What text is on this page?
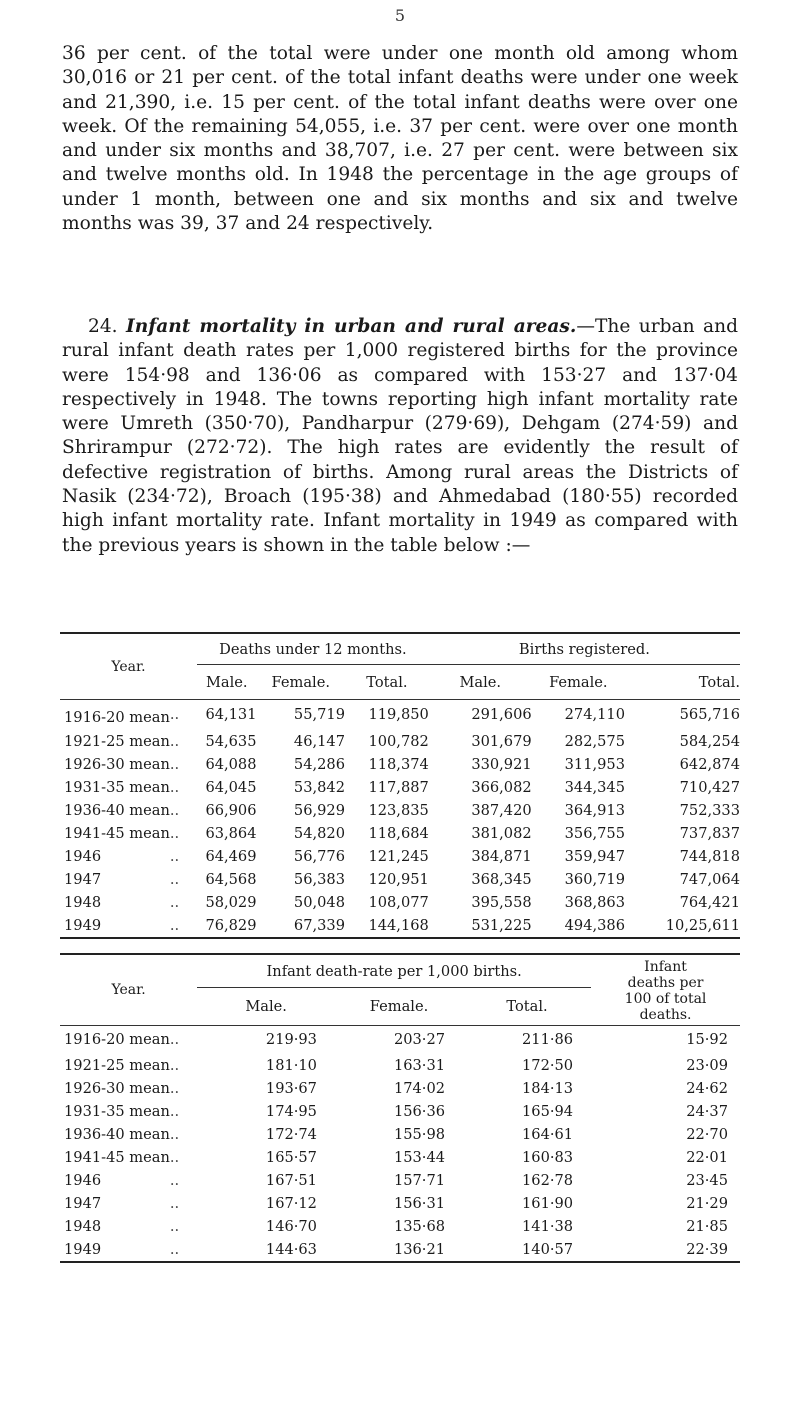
5

36 per cent. of the total were under one month old among whom 30,016 or 21 per cent. of the total infant deaths were under one week and 21,390, i.e. 15 per cent. of the total infant deaths were over one week. Of the remaining 54,055, i.e. 37 per cent. were over one month and under six months and 38,707, i.e. 27 per cent. were between six and twelve months old. In 1948 the percentage in the age groups of under 1 month, between one and six months and six and twelve months was 39, 37 and 24 respectively.

24. Infant mortality in urban and rural areas.—The urban and rural infant death rates per 1,000 registered births for the province were 154·98 and 136·06 as compared with 153·27 and 137·04 respectively in 1948. The towns reporting high infant mortality rate were Umreth (350·70), Pandharpur (279·69), Dehgam (274·59) and Shrirampur (272·72). The high rates are evidently the result of defective registration of births. Among rural areas the Districts of Nasik (234·72), Broach (195·38) and Ahmedabad (180·55) recorded high infant mortality rate. Infant mortality in 1949 as compared with the previous years is shown in the table below :—

Year.		Deaths under 12 months.			Births registered.		
		Male.	Female.	Total.	Male.	Female.	Total.
1916-20 mean	..	64,131	55,719	119,850	291,606	274,110	565,716
1921-25 mean	..	54,635	46,147	100,782	301,679	282,575	584,254
1926-30 mean	..	64,088	54,286	118,374	330,921	311,953	642,874
1931-35 mean	..	64,045	53,842	117,887	366,082	344,345	710,427
1936-40 mean	..	66,906	56,929	123,835	387,420	364,913	752,333
1941-45 mean	..	63,864	54,820	118,684	381,082	356,755	737,837
1946	..	64,469	56,776	121,245	384,871	359,947	744,818
1947	..	64,568	56,383	120,951	368,345	360,719	747,064
1948	..	58,029	50,048	108,077	395,558	368,863	764,421
1949	..	76,829	67,339	144,168	531,225	494,386	10,25,611
Year.		Infant death-rate per 1,000 births.			Infant
deaths per
100 of total
deaths.

		Male.	Female.	Total.	
1916-20 mean	..	219·93	203·27	211·86	15·92
1921-25 mean	..	181·10	163·31	172·50	23·09
1926-30 mean	..	193·67	174·02	184·13	24·62
1931-35 mean	..	174·95	156·36	165·94	24·37
1936-40 mean	..	172·74	155·98	164·61	22·70
1941-45 mean	..	165·57	153·44	160·83	22·01
1946	..	167·51	157·71	162·78	23·45
1947	..	167·12	156·31	161·90	21·29
1948	..	146·70	135·68	141·38	21·85
1949	..	144·63	136·21	140·57	22·39
